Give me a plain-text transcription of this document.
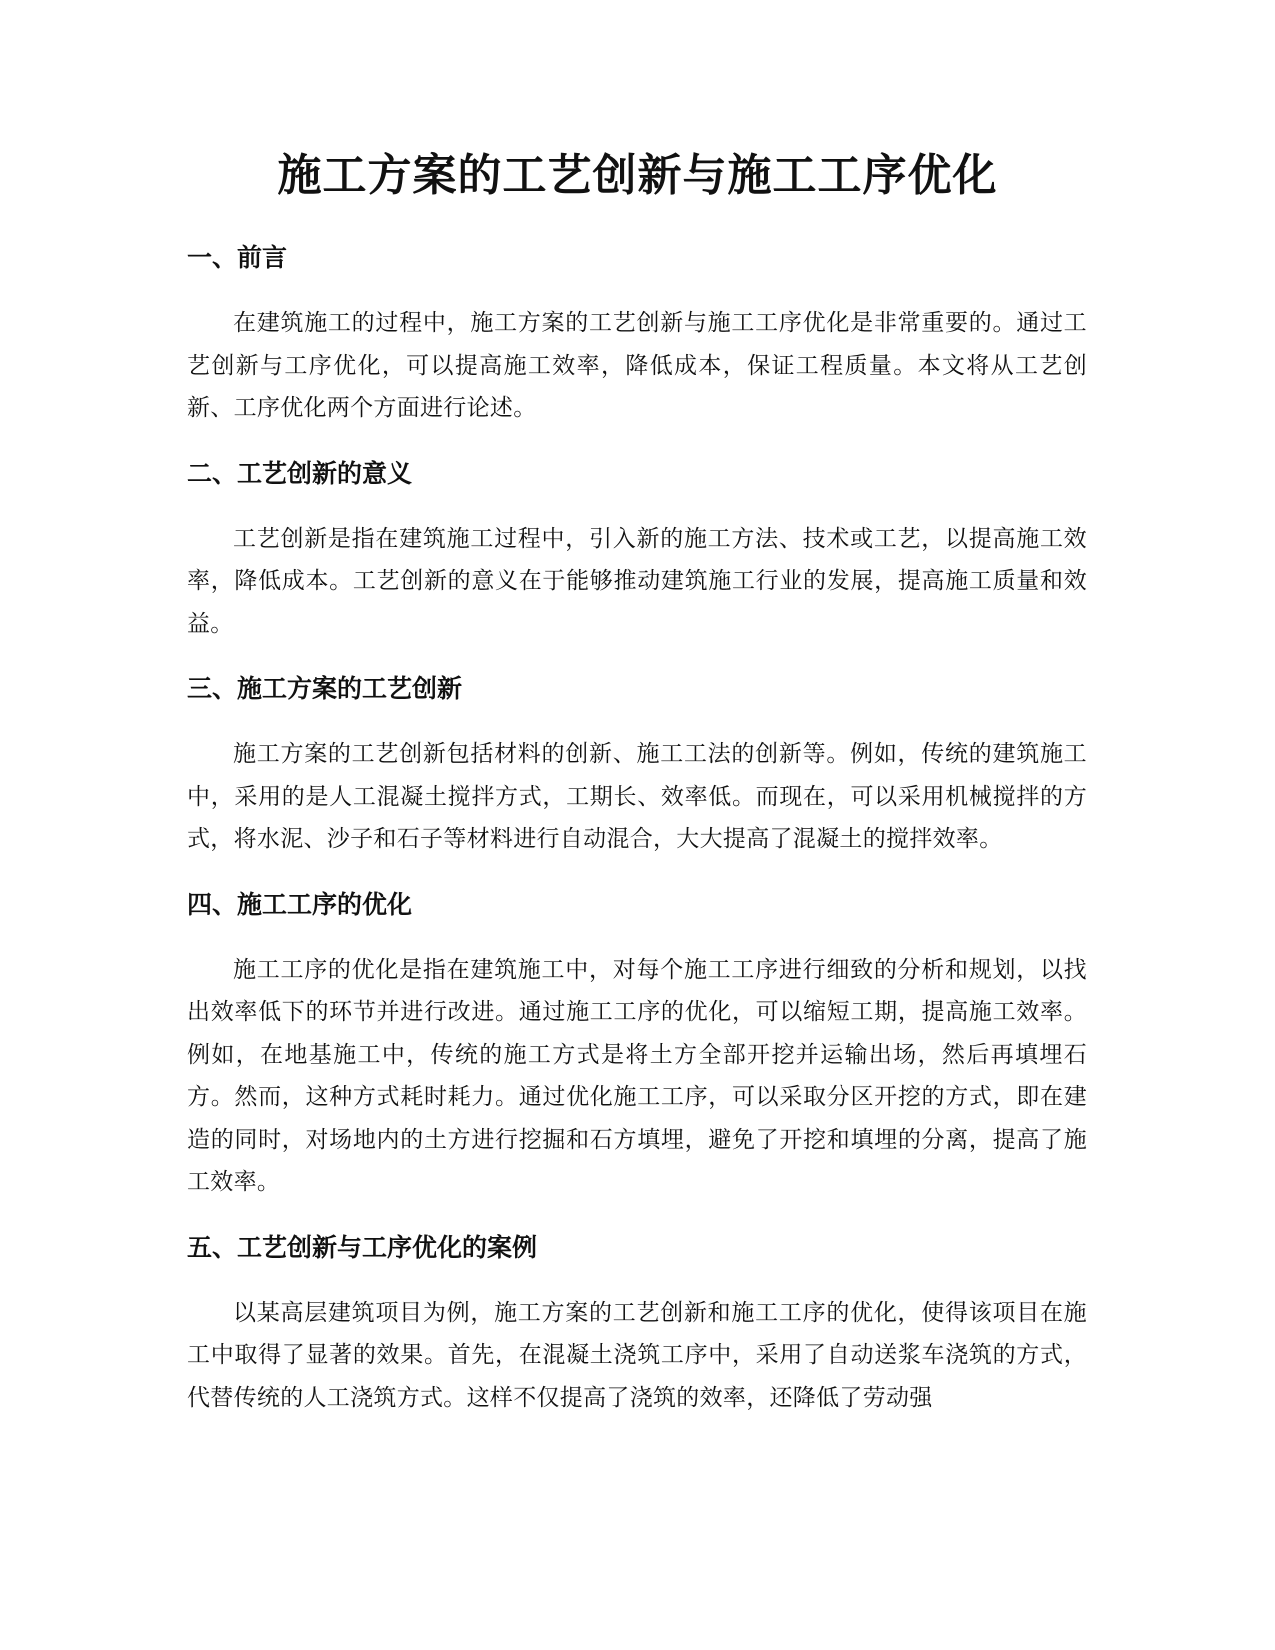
施工方案的工艺创新与施工工序优化
一、前言

在建筑施工的过程中，施工方案的工艺创新与施工工序优化是非常重要的。通过工艺创新与工序优化，可以提高施工效率，降低成本，保证工程质量。本文将从工艺创新、工序优化两个方面进行论述。

二、工艺创新的意义

工艺创新是指在建筑施工过程中，引入新的施工方法、技术或工艺，以提高施工效率，降低成本。工艺创新的意义在于能够推动建筑施工行业的发展，提高施工质量和效益。

三、施工方案的工艺创新

施工方案的工艺创新包括材料的创新、施工工法的创新等。例如，传统的建筑施工中，采用的是人工混凝土搅拌方式，工期长、效率低。而现在，可以采用机械搅拌的方式，将水泥、沙子和石子等材料进行自动混合，大大提高了混凝土的搅拌效率。

四、施工工序的优化

施工工序的优化是指在建筑施工中，对每个施工工序进行细致的分析和规划，以找出效率低下的环节并进行改进。通过施工工序的优化，可以缩短工期，提高施工效率。例如，在地基施工中，传统的施工方式是将土方全部开挖并运输出场，然后再填埋石方。然而，这种方式耗时耗力。通过优化施工工序，可以采取分区开挖的方式，即在建造的同时，对场地内的土方进行挖掘和石方填埋，避免了开挖和填埋的分离，提高了施工效率。

五、工艺创新与工序优化的案例

以某高层建筑项目为例，施工方案的工艺创新和施工工序的优化，使得该项目在施工中取得了显著的效果。首先，在混凝土浇筑工序中，采用了自动送浆车浇筑的方式，代替传统的人工浇筑方式。这样不仅提高了浇筑的效率，还降低了劳动强
